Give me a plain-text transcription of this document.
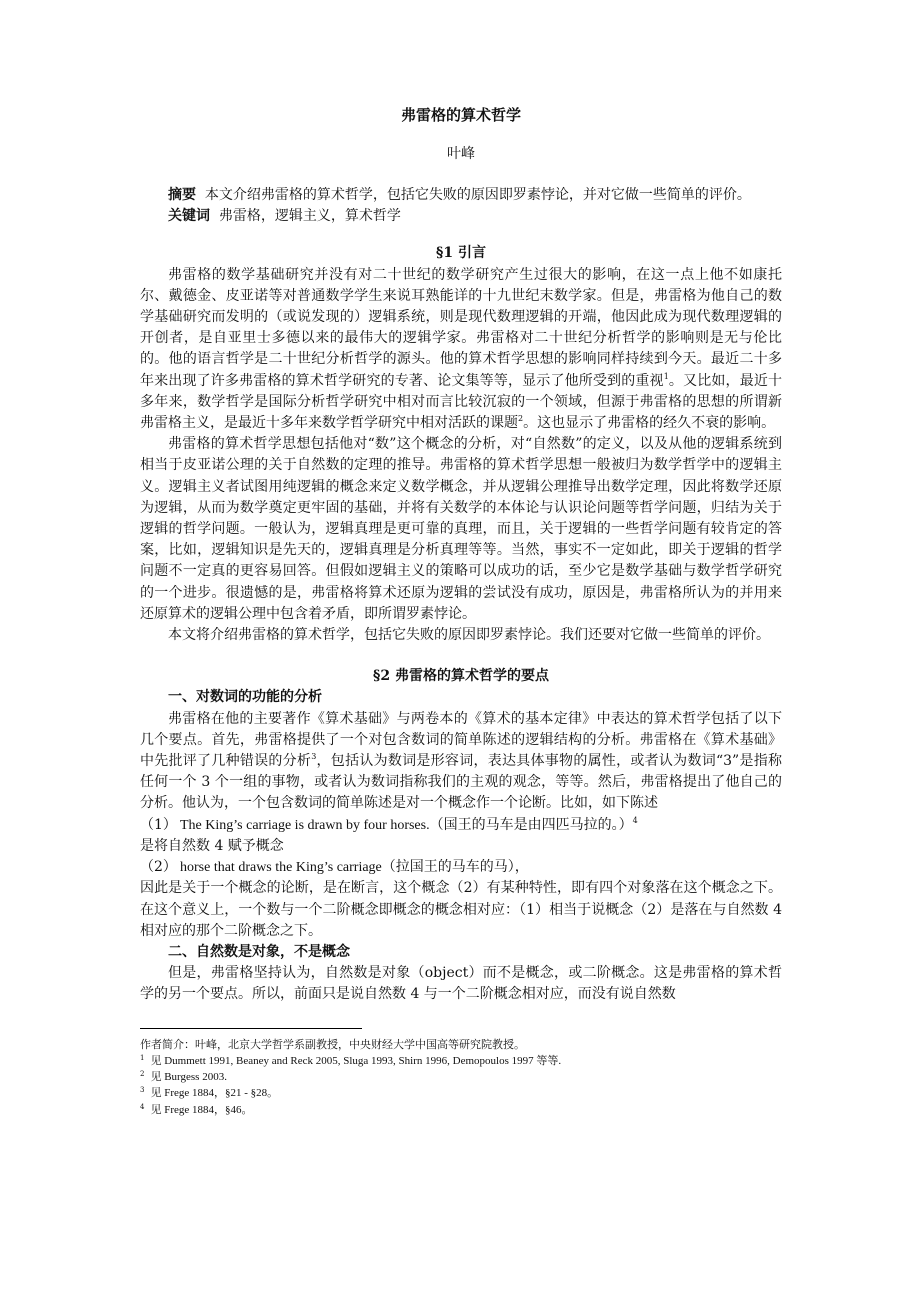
弗雷格的算术哲学
叶峰

摘要 本文介绍弗雷格的算术哲学，包括它失败的原因即罗素悖论，并对它做一些简单的评价。

关键词 弗雷格，逻辑主义，算术哲学

§1 引言

弗雷格的数学基础研究并没有对二十世纪的数学研究产生过很大的影响，在这一点上他不如康托尔、戴德金、皮亚诺等对普通数学学生来说耳熟能详的十九世纪末数学家。但是，弗雷格为他自己的数学基础研究而发明的（或说发现的）逻辑系统，则是现代数理逻辑的开端，他因此成为现代数理逻辑的开创者，是自亚里士多德以来的最伟大的逻辑学家。弗雷格对二十世纪分析哲学的影响则是无与伦比的。他的语言哲学是二十世纪分析哲学的源头。他的算术哲学思想的影响同样持续到今天。最近二十多年来出现了许多弗雷格的算术哲学研究的专著、论文集等等，显示了他所受到的重视$^1$。又比如，最近十多年来，数学哲学是国际分析哲学研究中相对而言比较沉寂的一个领域，但源于弗雷格的思想的所谓新弗雷格主义，是最近十多年来数学哲学研究中相对活跃的课题$^2$。这也显示了弗雷格的经久不衰的影响。

弗雷格的算术哲学思想包括他对“数”这个概念的分析，对“自然数”的定义，以及从他的逻辑系统到相当于皮亚诺公理的关于自然数的定理的推导。弗雷格的算术哲学思想一般被归为数学哲学中的逻辑主义。逻辑主义者试图用纯逻辑的概念来定义数学概念，并从逻辑公理推导出数学定理，因此将数学还原为逻辑，从而为数学奠定更牢固的基础，并将有关数学的本体论与认识论问题等哲学问题，归结为关于逻辑的哲学问题。一般认为，逻辑真理是更可靠的真理，而且，关于逻辑的一些哲学问题有较肯定的答案，比如，逻辑知识是先天的，逻辑真理是分析真理等等。当然，事实不一定如此，即关于逻辑的哲学问题不一定真的更容易回答。但假如逻辑主义的策略可以成功的话，至少它是数学基础与数学哲学研究的一个进步。很遗憾的是，弗雷格将算术还原为逻辑的尝试没有成功，原因是，弗雷格所认为的并用来还原算术的逻辑公理中包含着矛盾，即所谓罗素悖论。

本文将介绍弗雷格的算术哲学，包括它失败的原因即罗素悖论。我们还要对它做一些简单的评价。

§2 弗雷格的算术哲学的要点
一、对数词的功能的分析

弗雷格在他的主要著作《算术基础》与两卷本的《算术的基本定律》中表达的算术哲学包括了以下几个要点。首先，弗雷格提供了一个对包含数词的简单陈述的逻辑结构的分析。弗雷格在《算术基础》中先批评了几种错误的分析$^3$，包括认为数词是形容词，表达具体事物的属性，或者认为数词“3”是指称任何一个 3 个一组的事物，或者认为数词指称我们的主观的观念，等等。然后，弗雷格提出了他自己的分析。他认为，一个包含数词的简单陈述是对一个概念作一个论断。比如，如下陈述

（1） The King’s carriage is drawn by four horses.（国王的马车是由四匹马拉的。）$^4$
是将自然数 4 赋予概念
（2） horse that draws the King’s carriage（拉国王的马车的马），

因此是关于一个概念的论断，是在断言，这个概念（2）有某种特性，即有四个对象落在这个概念之下。在这个意义上，一个数与一个二阶概念即概念的概念相对应：（1）相当于说概念（2）是落在与自然数 4 相对应的那个二阶概念之下。

二、自然数是对象，不是概念

但是，弗雷格坚持认为，自然数是对象（object）而不是概念，或二阶概念。这是弗雷格的算术哲学的另一个要点。所以，前面只是说自然数 4 与一个二阶概念相对应，而没有说自然数

作者简介：叶峰，北京大学哲学系副教授，中央财经大学中国高等研究院教授。
$^1$ 见 Dummett 1991, Beaney and Reck 2005, Sluga 1993, Shirn 1996, Demopoulos 1997 等等.
$^2$ 见 Burgess 2003.
$^3$ 见 Frege 1884，§21 - §28。
$^4$ 见 Frege 1884，§46。
